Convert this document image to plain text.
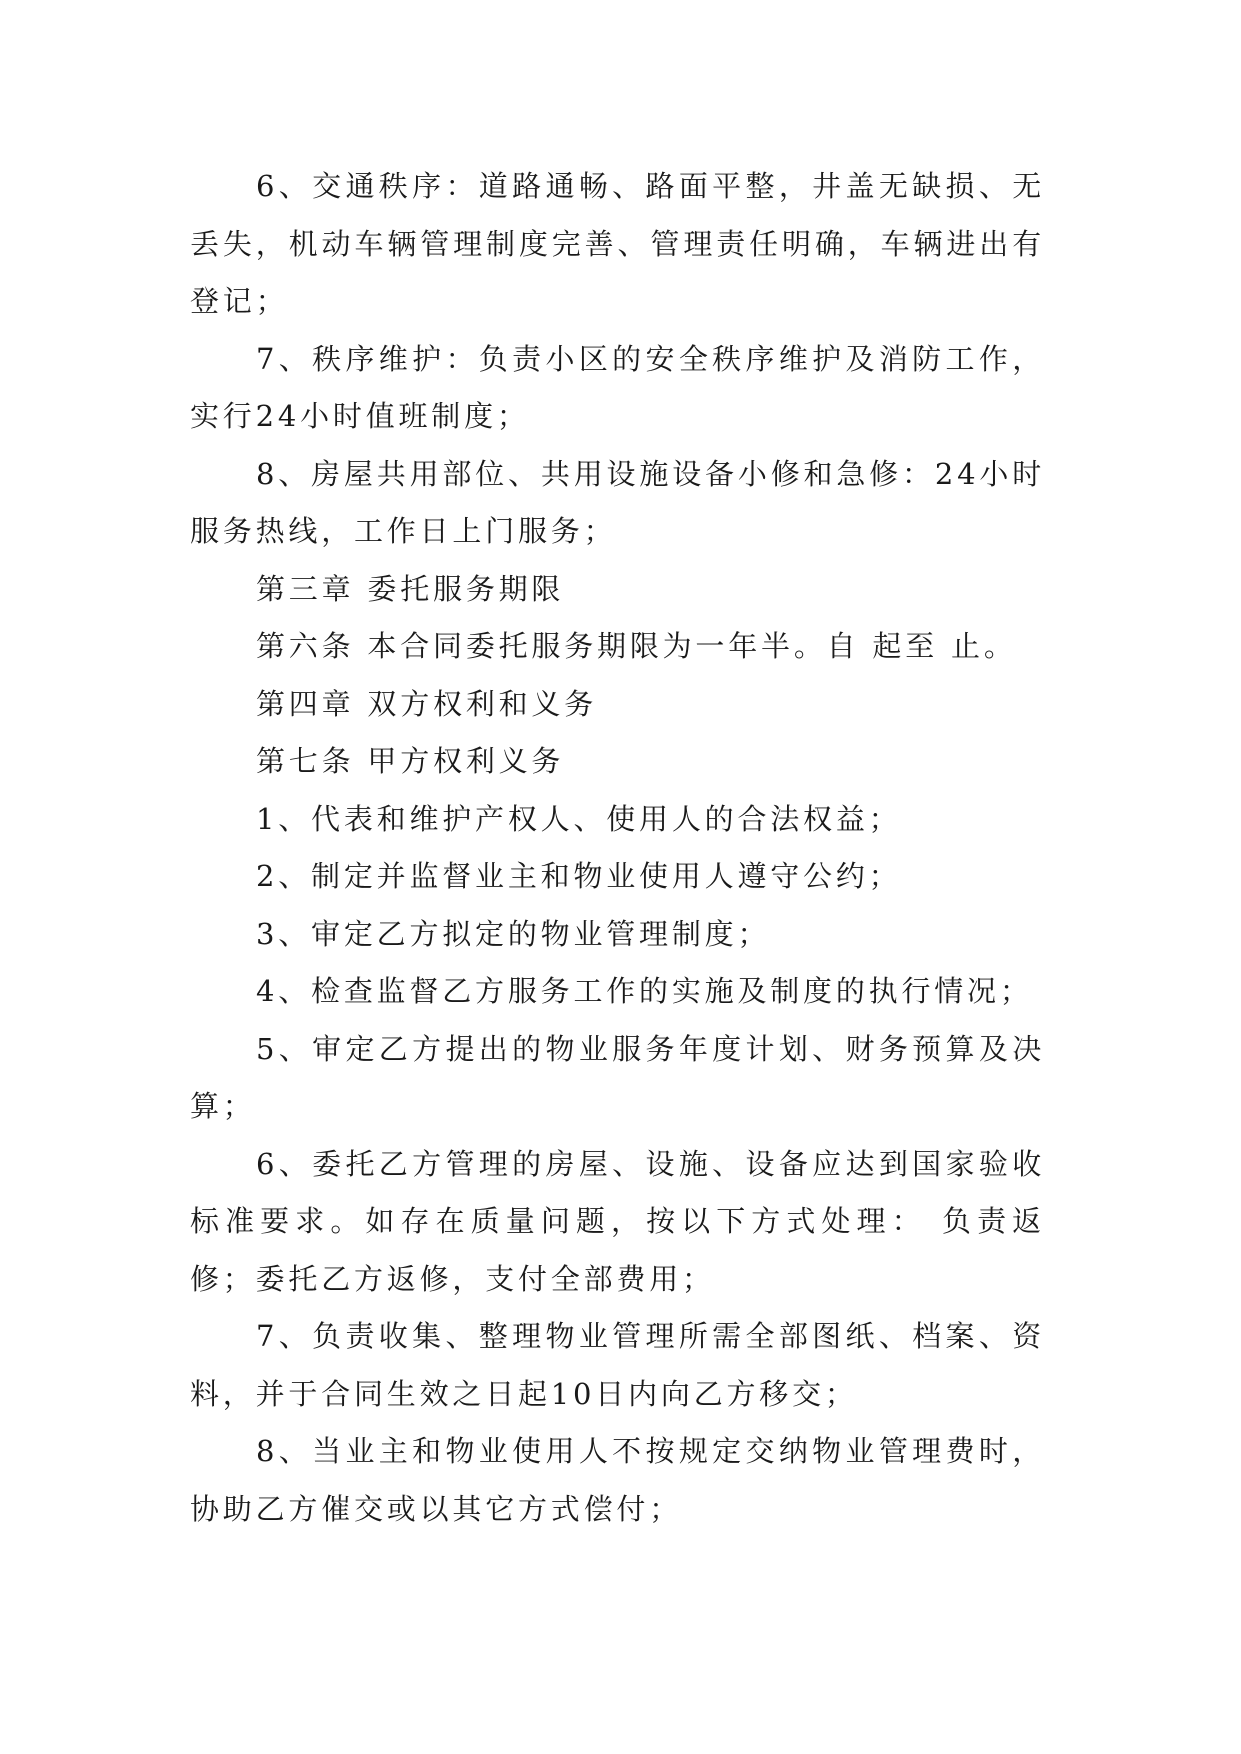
6、交通秩序：道路通畅、路面平整，井盖无缺损、无丢失，机动车辆管理制度完善、管理责任明确，车辆进出有登记；

7、秩序维护：负责小区的安全秩序维护及消防工作，实行24小时值班制度；

8、房屋共用部位、共用设施设备小修和急修：24小时服务热线，工作日上门服务；

第三章 委托服务期限

第六条 本合同委托服务期限为一年半。自 起至 止。

第四章 双方权利和义务

第七条 甲方权利义务

1、代表和维护产权人、使用人的合法权益；

2、制定并监督业主和物业使用人遵守公约；

3、审定乙方拟定的物业管理制度；

4、检查监督乙方服务工作的实施及制度的执行情况；

5、审定乙方提出的物业服务年度计划、财务预算及决算；

6、委托乙方管理的房屋、设施、设备应达到国家验收标准要求。如存在质量问题，按以下方式处理： 负责返修；委托乙方返修，支付全部费用；

7、负责收集、整理物业管理所需全部图纸、档案、资料，并于合同生效之日起10日内向乙方移交；

8、当业主和物业使用人不按规定交纳物业管理费时，协助乙方催交或以其它方式偿付；
